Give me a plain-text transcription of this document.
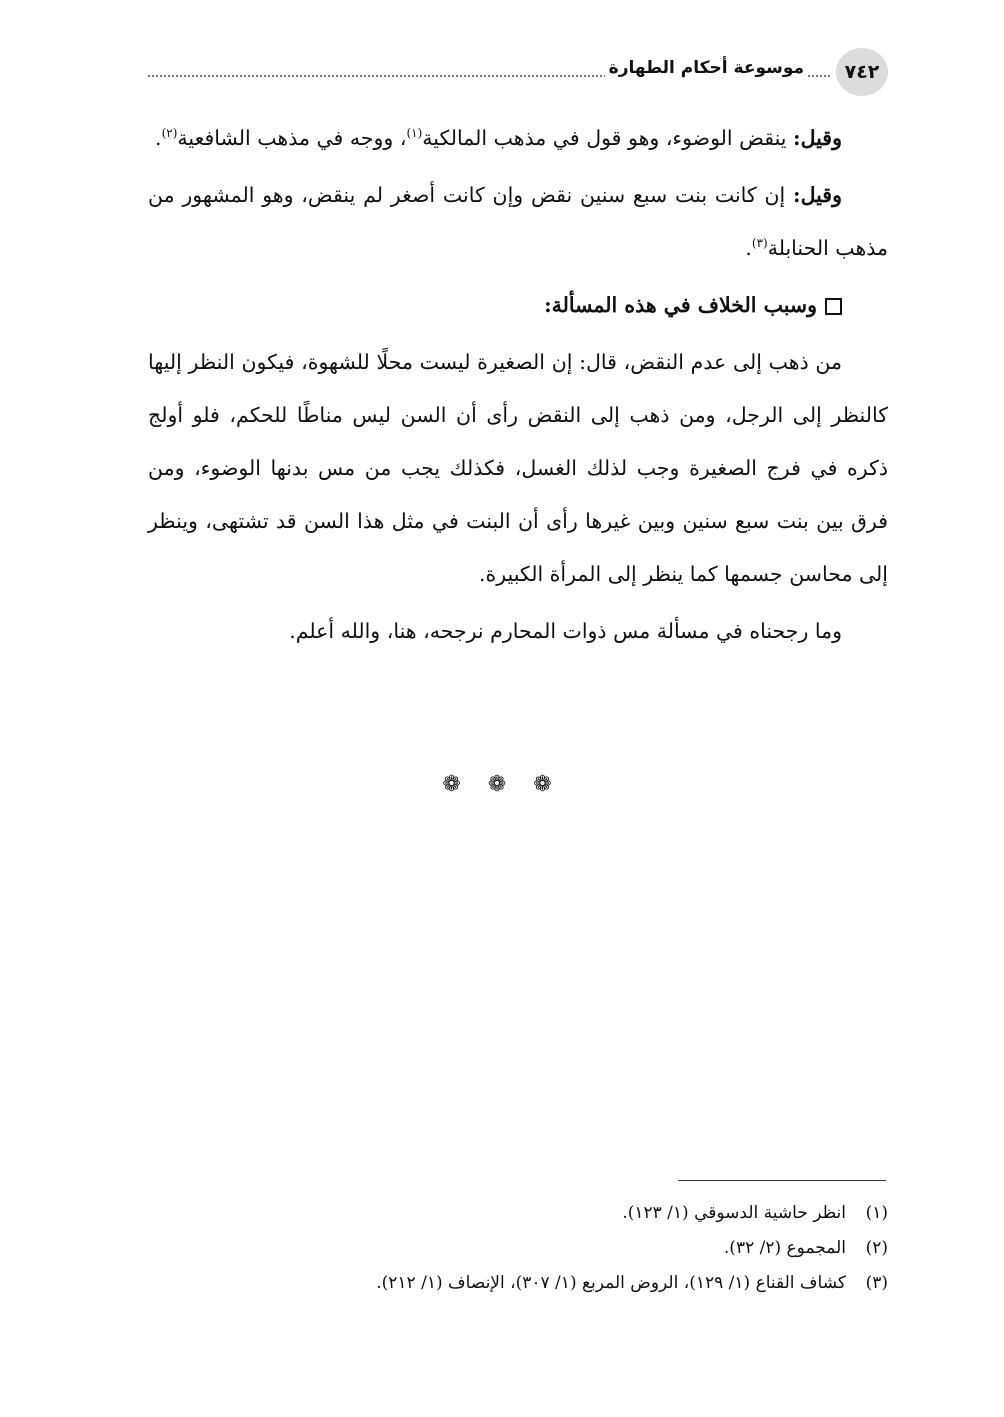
٧٤٢
موسوعة أحكام الطهارة

وقيل: ينقض الوضوء، وهو قول في مذهب المالكية$^{(١)}$، ووجه في مذهب الشافعية$^{(٢)}$.

وقيل: إن كانت بنت سبع سنين نقض وإن كانت أصغر لم ينقض، وهو المشهور من مذهب الحنابلة$^{(٣)}$.

وسبب الخلاف في هذه المسألة:

من ذهب إلى عدم النقض، قال: إن الصغيرة ليست محلًا للشهوة، فيكون النظر إليها كالنظر إلى الرجل، ومن ذهب إلى النقض رأى أن السن ليس مناطًا للحكم، فلو أولج ذكره في فرج الصغيرة وجب لذلك الغسل، فكذلك يجب من مس بدنها الوضوء، ومن فرق بين بنت سبع سنين وبين غيرها رأى أن البنت في مثل هذا السن قد تشتهى، وينظر إلى محاسن جسمها كما ينظر إلى المرأة الكبيرة.

وما رجحناه في مسألة مس ذوات المحارم نرجحه، هنا، والله أعلم.

❁ ❁ ❁
(١)
انظر حاشية الدسوقي (١/ ١٢٣).
(٢)
المجموع (٢/ ٣٢).
(٣)
كشاف القناع (١/ ١٢٩)، الروض المربع (١/ ٣٠٧)، الإنصاف (١/ ٢١٢).
